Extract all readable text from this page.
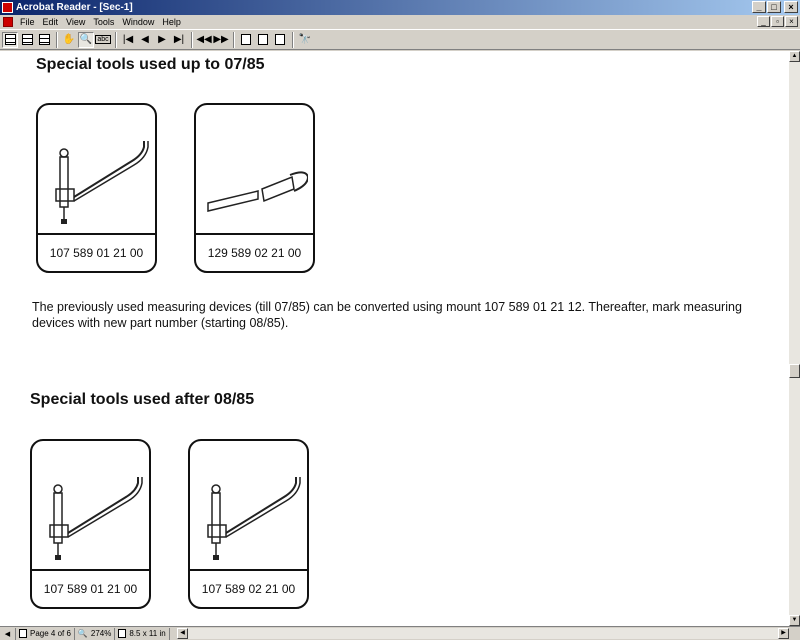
Acrobat Reader - [Sec-1]	_	□	×
File Edit View Tools Window Help	_	▫	×
✋ 🔍 abc |◀ ◀ ▶ ▶| ◀◀ ▶▶	🔭
Special tools used up to 07/85
107 589 01 21 00	129 589 02 21 00
The previously used measuring devices (till 07/85) can be converted using mount 107 589 01 21 12. Thereafter, mark measuring devices with new part number (starting 08/85).
Special tools used after 08/85
107 589 01 21 00	107 589 02 21 00
▲
▼
◀ Page 4 of 6 🔍 274% 8.5 x 11 in	◀	▶
